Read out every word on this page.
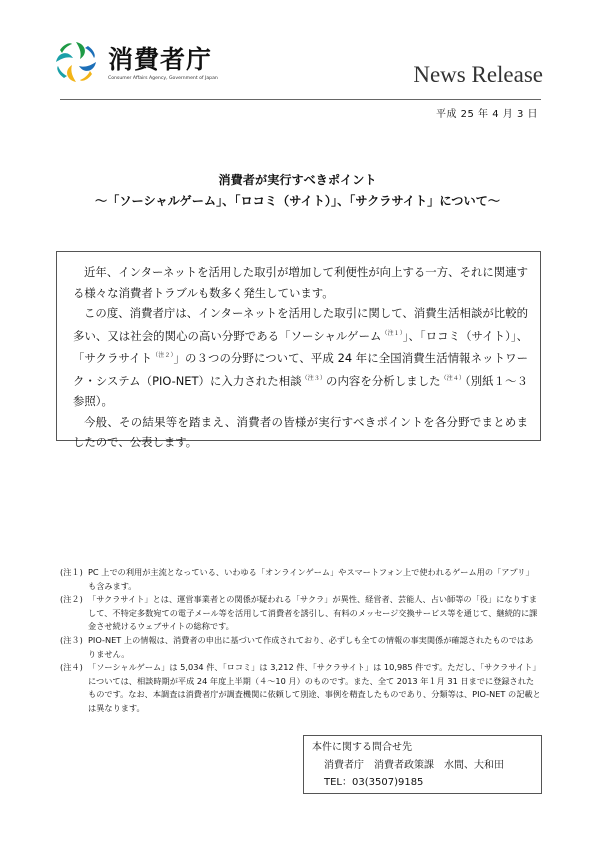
消費者庁
Consumer Affairs Agency, Government of Japan	News Release
平成 25 年 4 月 3 日
消費者が実行すべきポイント
～「ソーシャルゲーム」、「ロコミ（サイト）」、「サクラサイト」について～

近年、インターネットを活用した取引が増加して利便性が向上する一方、それに関連する様々な消費者トラブルも数多く発生しています。

この度、消費者庁は、インターネットを活用した取引に関して、消費生活相談が比較的多い、又は社会的関心の高い分野である「ソーシャルゲーム$^{(注1)}$」、「ロコミ（サイト）」、「サクラサイト$^{(注2)}$」の３つの分野について、平成 24 年に全国消費生活情報ネットワーク・システム（PIO-NET）に入力された相談$^{(注3)}$の内容を分析しました$^{(注4)}$（別紙１～３参照）。

今般、その結果等を踏まえ、消費者の皆様が実行すべきポイントを各分野でまとめましたので、公表します。

(注１) PC 上での利用が主流となっている、いわゆる「オンラインゲーム」やスマートフォン上で使われるゲーム用の「アプリ」も含みます。
(注２) 「サクラサイト」とは、運営事業者との関係が疑われる「サクラ」が異性、経営者、芸能人、占い師等の「役」になりすまして、不特定多数宛ての電子メール等を活用して消費者を誘引し、有料のメッセージ交換サービス等を通じて、継続的に課金させ続けるウェブサイトの総称です。
(注３) PIO-NET 上の情報は、消費者の申出に基づいて作成されており、必ずしも全ての情報の事実関係が確認されたものではありません。
(注４) 「ソーシャルゲーム」は 5,034 件、「ロコミ」は 3,212 件、「サクラサイト」は 10,985 件です。ただし、「サクラサイト」については、相談時期が平成 24 年度上半期（４～10 月）のものです。また、全て 2013 年１月 31 日までに登録されたものです。なお、本調査は消費者庁が調査機関に依頼して別途、事例を精査したものであり、分類等は、PIO-NET の記載とは異なります。
本件に関する問合せ先
消費者庁　消費者政策課　水間、大和田
TEL：03(3507)9185
